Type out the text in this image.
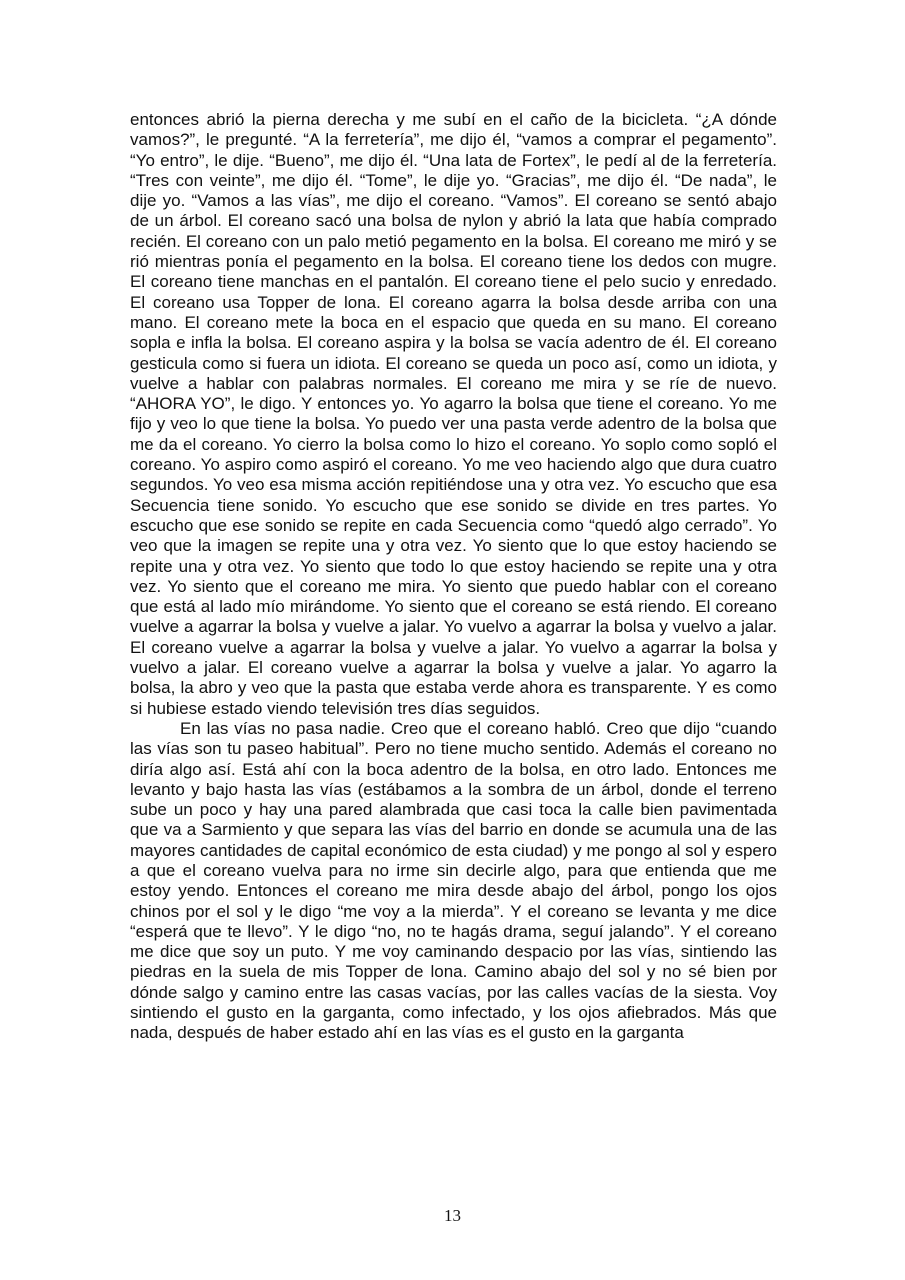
entonces abrió la pierna derecha y me subí en el caño de la bicicleta. “¿A dónde vamos?”, le pregunté. “A la ferretería”, me dijo él, “vamos a comprar el pegamento”. “Yo entro”, le dije. “Bueno”, me dijo él. “Una lata de Fortex”, le pedí al de la ferretería. “Tres con veinte”, me dijo él. “Tome”, le dije yo. “Gracias”, me dijo él. “De nada”, le dije yo. “Vamos a las vías”, me dijo el coreano. “Vamos”. El coreano se sentó abajo de un árbol. El coreano sacó una bolsa de nylon y abrió la lata que había comprado recién. El coreano con un palo metió pegamento en la bolsa. El coreano me miró y se rió mientras ponía el pegamento en la bolsa. El coreano tiene los dedos con mugre. El coreano tiene manchas en el pantalón. El coreano tiene el pelo sucio y enredado. El coreano usa Topper de lona. El coreano agarra la bolsa desde arriba con una mano. El coreano mete la boca en el espacio que queda en su mano. El coreano sopla e infla la bolsa. El coreano aspira y la bolsa se vacía adentro de él. El coreano gesticula como si fuera un idiota. El coreano se queda un poco así, como un idiota, y vuelve a hablar con palabras normales. El coreano me mira y se ríe de nuevo. “AHORA YO”, le digo. Y entonces yo. Yo agarro la bolsa que tiene el coreano. Yo me fijo y veo lo que tiene la bolsa. Yo puedo ver una pasta verde adentro de la bolsa que me da el coreano. Yo cierro la bolsa como lo hizo el coreano. Yo soplo como sopló el coreano. Yo aspiro como aspiró el coreano. Yo me veo haciendo algo que dura cuatro segundos. Yo veo esa misma acción repitiéndose una y otra vez. Yo escucho que esa Secuencia tiene sonido. Yo escucho que ese sonido se divide en tres partes. Yo escucho que ese sonido se repite en cada Secuencia como “quedó algo cerrado”. Yo veo que la imagen se repite una y otra vez. Yo siento que lo que estoy haciendo se repite una y otra vez. Yo siento que todo lo que estoy haciendo se repite una y otra vez. Yo siento que el coreano me mira. Yo siento que puedo hablar con el coreano que está al lado mío mirándome. Yo siento que el coreano se está riendo. El coreano vuelve a agarrar la bolsa y vuelve a jalar. Yo vuelvo a agarrar la bolsa y vuelvo a jalar. El coreano vuelve a agarrar la bolsa y vuelve a jalar. Yo vuelvo a agarrar la bolsa y vuelvo a jalar. El coreano vuelve a agarrar la bolsa y vuelve a jalar. Yo agarro la bolsa, la abro y veo que la pasta que estaba verde ahora es transparente. Y es como si hubiese estado viendo televisión tres días seguidos.

En las vías no pasa nadie. Creo que el coreano habló. Creo que dijo “cuando las vías son tu paseo habitual”. Pero no tiene mucho sentido. Además el coreano no diría algo así. Está ahí con la boca adentro de la bolsa, en otro lado. Entonces me levanto y bajo hasta las vías (estábamos a la sombra de un árbol, donde el terreno sube un poco y hay una pared alambrada que casi toca la calle bien pavimentada que va a Sarmiento y que separa las vías del barrio en donde se acumula una de las mayores cantidades de capital económico de esta ciudad) y me pongo al sol y espero a que el coreano vuelva para no irme sin decirle algo, para que entienda que me estoy yendo. Entonces el coreano me mira desde abajo del árbol, pongo los ojos chinos por el sol y le digo “me voy a la mierda”. Y el coreano se levanta y me dice “esperá que te llevo”. Y le digo “no, no te hagás drama, seguí jalando”. Y el coreano me dice que soy un puto. Y me voy caminando despacio por las vías, sintiendo las piedras en la suela de mis Topper de lona. Camino abajo del sol y no sé bien por dónde salgo y camino entre las casas vacías, por las calles vacías de la siesta. Voy sintiendo el gusto en la garganta, como infectado, y los ojos afiebrados. Más que nada, después de haber estado ahí en las vías es el gusto en la garganta

13
